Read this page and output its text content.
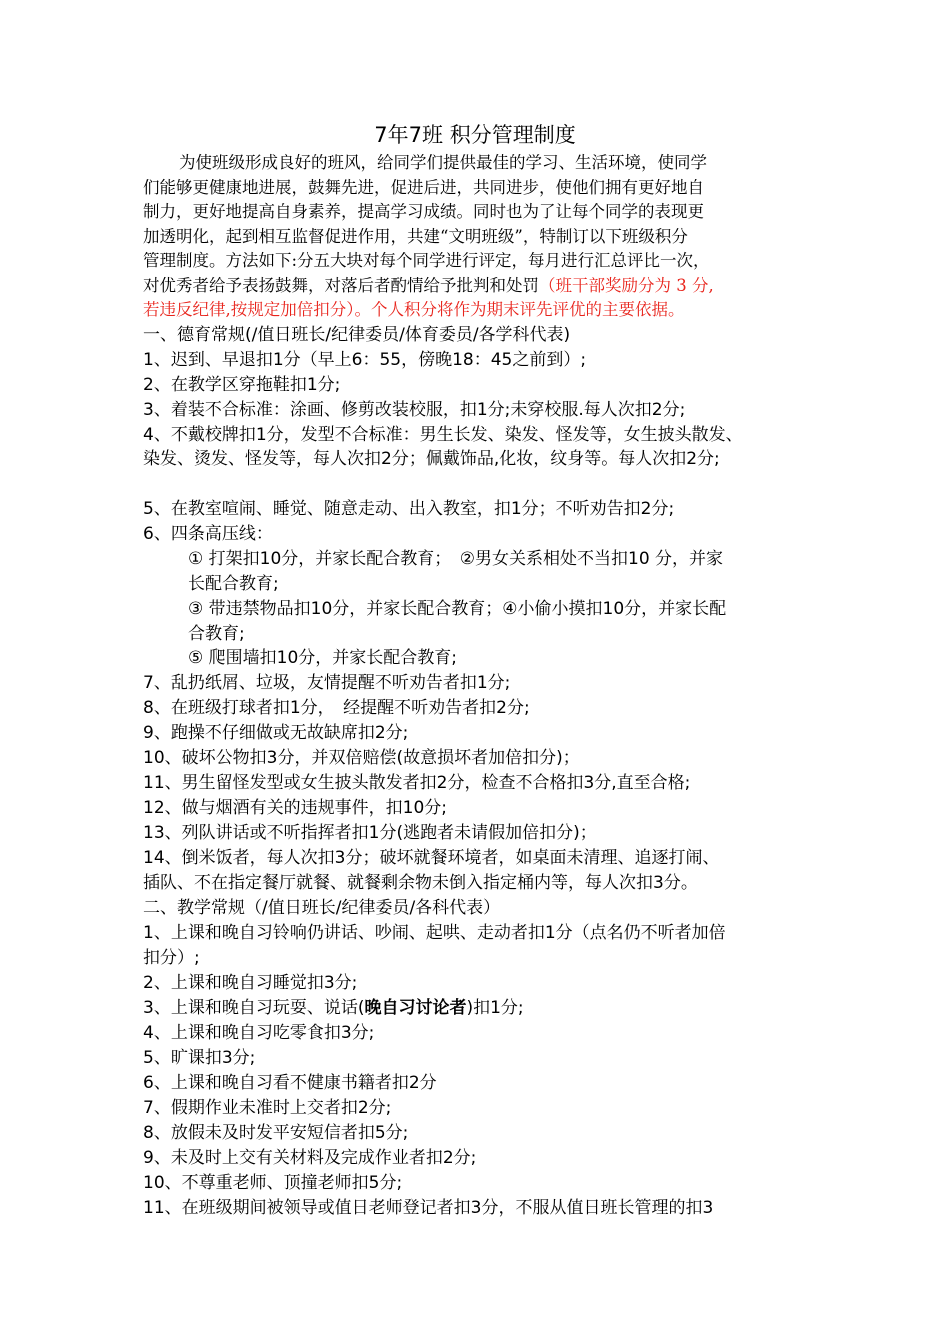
7年7班 积分管理制度
为使班级形成良好的班风，给同学们提供最佳的学习、生活环境，使同学
们能够更健康地进展，鼓舞先进，促进后进，共同进步，使他们拥有更好地自
制力，更好地提高自身素养，提高学习成绩。同时也为了让每个同学的表现更
加透明化，起到相互监督促进作用，共建“文明班级”，特制订以下班级积分
管理制度。方法如下:分五大块对每个同学进行评定，每月进行汇总评比一次，
对优秀者给予表扬鼓舞，对落后者酌情给予批判和处罚（班干部奖励分为 3 分,
若违反纪律,按规定加倍扣分）。个人积分将作为期末评先评优的主要依据。
一、德育常规(/值日班长/纪律委员/体育委员/各学科代表)
1、迟到、早退扣1分（早上6：55，傍晚18：45之前到）;
2、在教学区穿拖鞋扣1分;
3、着装不合标准：涂画、修剪改装校服，扣1分;未穿校服.每人次扣2分;
4、不戴校牌扣1分，发型不合标准：男生长发、染发、怪发等，女生披头散发、
染发、烫发、怪发等，每人次扣2分；佩戴饰品,化妆，纹身等。每人次扣2分;
5、在教室喧闹、睡觉、随意走动、出入教室，扣1分；不听劝告扣2分;
6、四条高压线：
① 打架扣10分，并家长配合教育；　②男女关系相处不当扣10 分，并家
长配合教育;
③ 带违禁物品扣10分，并家长配合教育；④小偷小摸扣10分，并家长配
合教育;
⑤ 爬围墙扣10分，并家长配合教育;
7、乱扔纸屑、垃圾，友情提醒不听劝告者扣1分;
8、在班级打球者扣1分，　经提醒不听劝告者扣2分;
9、跑操不仔细做或无故缺席扣2分;
10、破坏公物扣3分，并双倍赔偿(故意损坏者加倍扣分)；
11、男生留怪发型或女生披头散发者扣2分，检查不合格扣3分,直至合格;
12、做与烟酒有关的违规事件，扣10分;
13、列队讲话或不听指挥者扣1分(逃跑者未请假加倍扣分)；
14、倒米饭者，每人次扣3分；破坏就餐环境者，如桌面未清理、追逐打闹、
插队、不在指定餐厅就餐、就餐剩余物未倒入指定桶内等，每人次扣3分。
二、教学常规（/值日班长/纪律委员/各科代表）
1、上课和晚自习铃响仍讲话、吵闹、起哄、走动者扣1分（点名仍不听者加倍
扣分）;
2、上课和晚自习睡觉扣3分;
3、上课和晚自习玩耍、说话(晚自习讨论者)扣1分;
4、上课和晚自习吃零食扣3分;
5、旷课扣3分;
6、上课和晚自习看不健康书籍者扣2分
7、假期作业未准时上交者扣2分;
8、放假未及时发平安短信者扣5分;
9、未及时上交有关材料及完成作业者扣2分;
10、不尊重老师、顶撞老师扣5分;
11、在班级期间被领导或值日老师登记者扣3分，不服从值日班长管理的扣3
